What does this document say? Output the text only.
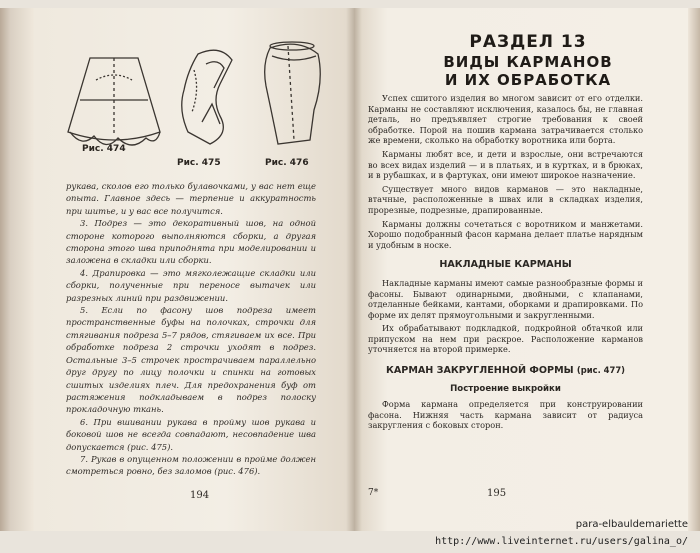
Рис. 474
Рис. 475	Рис. 476

рукава, сколов его только булавочками, у вас нет еще опыта. Главное здесь — терпение и аккуратность при шитье, и у вас все получится.

3. Подрез — это декоративный шов, на одной стороне которого выполняются сборки, а другая сторона этого шва приподнята при моделировании и заложена в складки или сборки.

4. Драпировка — это мягколежащие складки или сборки, полученные при переносе вытачек или разрезных линий при раздвижении.

5. Если по фасону шов подреза имеет пространственные буфы на полочках, строчки для стягивания подреза 5–7 рядов, стягиваем их все. При обработке подреза 2 строчки уходят в подрез. Остальные 3–5 строчек прострачиваем параллельно друг другу по лицу полочки и спинки на готовых сшитых изделиях плеч. Для предохранения буф от растяжения подкладываем в подрез полоску прокладочную ткань.

6. При вшивании рукава в пройму шов рукава и боковой шов не всегда совпадают, несовпадение шва допускается (рис. 475).

7. Рукав в опущенном положении в пройме должен смотреться ровно, без заломов (рис. 476).

194
РАЗДЕЛ 13
ВИДЫ КАРМАНОВ
И ИХ ОБРАБОТКА

Успех сшитого изделия во многом зависит от его отделки. Карманы не составляют исключения, казалось бы, не главная деталь, но предъявляет строгие требования к своей обработке. Порой на пошив кармана затрачивается столько же времени, сколько на обработку воротника или борта.

Карманы любят все, и дети и взрослые, они встречаются во всех видах изделий — и в платьях, и в куртках, и в брюках, и в рубашках, и в фартуках, они имеют широкое назначение.

Существует много видов карманов — это накладные, втачные, расположенные в швах или в складках изделия, прорезные, подрезные, драпированные.

Карманы должны сочетаться с воротником и манжетами. Хорошо подобранный фасон кармана делает платье нарядным и удобным в носке.

НАКЛАДНЫЕ КАРМАНЫ

Накладные карманы имеют самые разнообразные формы и фасоны. Бывают одинарными, двойными, с клапанами, отделанные бейками, кантами, оборками и драпировками. По форме их делят прямоугольными и закругленными.

Их обрабатывают подкладкой, подкройной обтачкой или припуском на нем при раскрое. Расположение карманов уточняется на второй примерке.

КАРМАН ЗАКРУГЛЕННОЙ ФОРМЫ (рис. 477)
Построение выкройки

Форма кармана определяется при конструировании фасона. Нижняя часть кармана зависит от радиуса закругления с боковых сторон.

7*	195
para-elbauldemariette
http://www.liveinternet.ru/users/galina_o/
